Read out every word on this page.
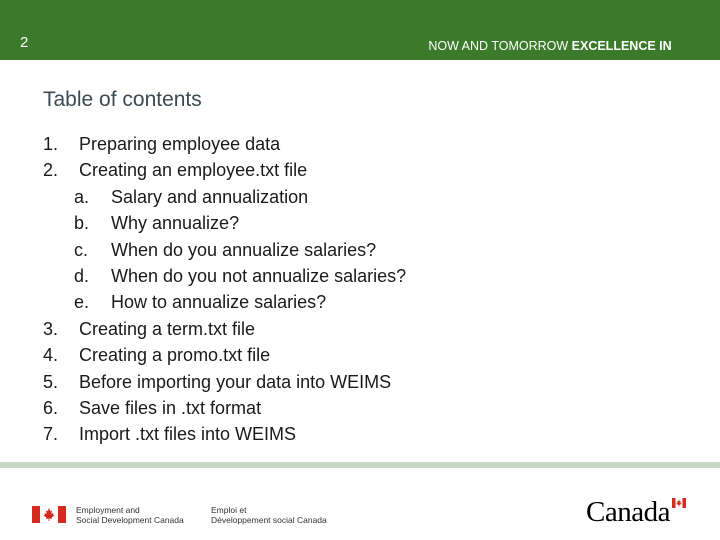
2	NOW AND TOMORROW EXCELLENCE IN EVERYTHING WE DO
Table of contents
1.	Preparing employee data
2.	Creating an employee.txt file
a.	Salary and annualization
b.	Why annualize?
c.	When do you annualize salaries?
d.	When do you not annualize salaries?
e.	How to annualize salaries?
3.	Creating a term.txt file
4.	Creating a promo.txt file
5.	Before importing your data into WEIMS
6.	Save files in .txt format
7.	Import .txt files into WEIMS
Employment and
Social Development Canada
Emploi et
Développement social Canada	Canada
